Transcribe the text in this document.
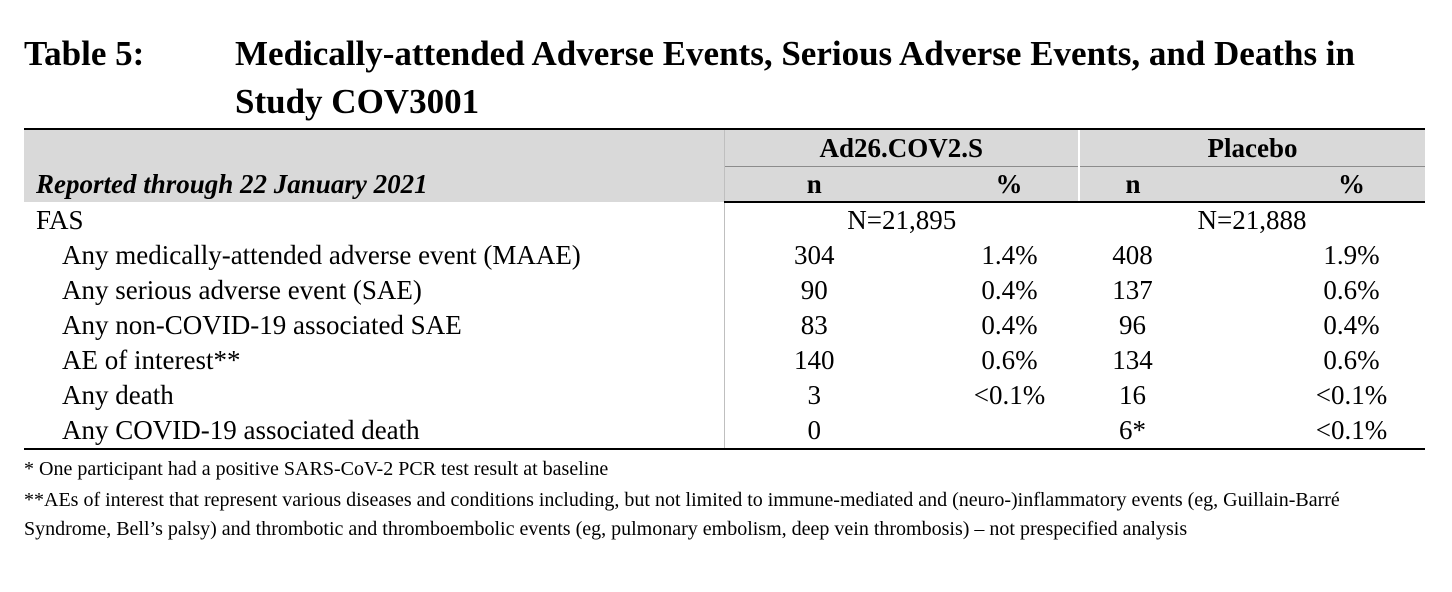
Table 5:	Medically-attended Adverse Events, Serious Adverse Events, and Deaths in Study COV3001
Reported through 22 January 2021	Ad26.COV2.S		Placebo	
	n	%	n	%
FAS	N=21,895		N=21,888	
Any medically-attended adverse event (MAAE)	304	1.4%	408	1.9%
Any serious adverse event (SAE)	90	0.4%	137	0.6%
Any non-COVID-19 associated SAE	83	0.4%	96	0.4%
AE of interest**	140	0.6%	134	0.6%
Any death	3	<0.1%	16	<0.1%
Any COVID-19 associated death	0		6*	<0.1%

* One participant had a positive SARS-CoV-2 PCR test result at baseline

**AEs of interest that represent various diseases and conditions including, but not limited to immune-mediated and (neuro-)inflammatory events (eg, Guillain-Barré Syndrome, Bell’s palsy) and thrombotic and thromboembolic events (eg, pulmonary embolism, deep vein thrombosis) – not prespecified analysis
